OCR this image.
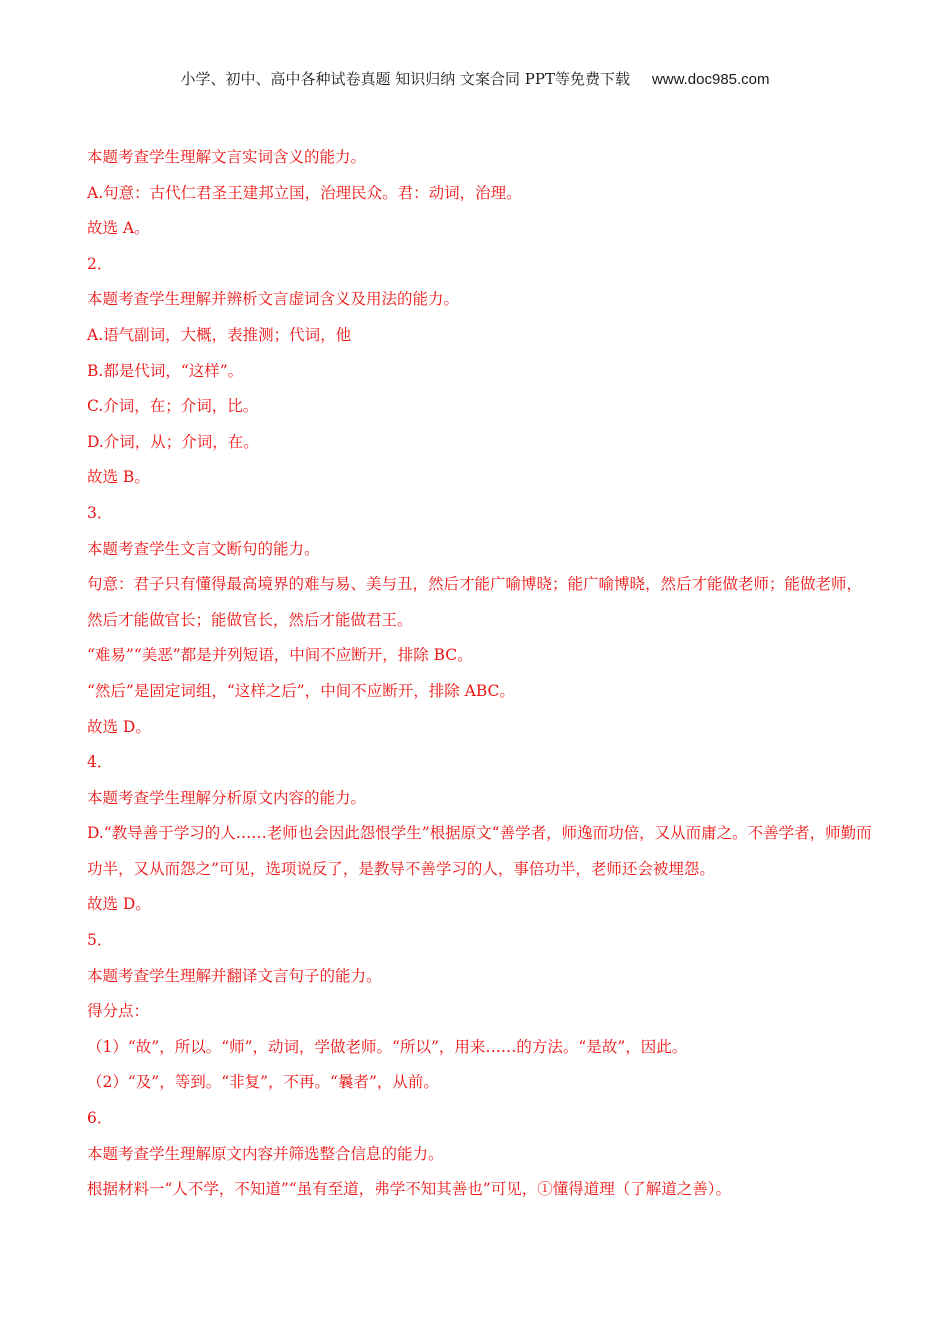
小学、初中、高中各种试卷真题 知识归纳 文案合同 PPT等免费下载 www.doc985.com
本题考查学生理解文言实词含义的能力。
A.句意：古代仁君圣王建邦立国，治理民众。君：动词，治理。
故选 A。
2．
本题考查学生理解并辨析文言虚词含义及用法的能力。
A.语气副词，大概，表推测；代词，他
B.都是代词，“这样”。
C.介词，在；介词，比。
D.介词，从；介词，在。
故选 B。
3．
本题考查学生文言文断句的能力。
句意：君子只有懂得最高境界的难与易、美与丑，然后才能广喻博晓；能广喻博晓，然后才能做老师；能做老师，然后才能做官长；能做官长，然后才能做君王。
“难易”“美恶”都是并列短语，中间不应断开，排除 BC。
“然后”是固定词组，“这样之后”，中间不应断开，排除 ABC。
故选 D。
4．
本题考查学生理解分析原文内容的能力。
D.“教导善于学习的人……老师也会因此怨恨学生”根据原文“善学者，师逸而功倍，又从而庸之。不善学者，师勤而功半，又从而怨之”可见，选项说反了，是教导不善学习的人，事倍功半，老师还会被埋怨。
故选 D。
5．
本题考查学生理解并翻译文言句子的能力。
得分点：
（1）“故”，所以。“师”，动词，学做老师。“所以”，用来……的方法。“是故”，因此。
（2）“及”，等到。“非复”，不再。“曩者”，从前。
6．
本题考查学生理解原文内容并筛选整合信息的能力。
根据材料一“人不学，不知道”“虽有至道，弗学不知其善也”可见，①懂得道理（了解道之善）。
